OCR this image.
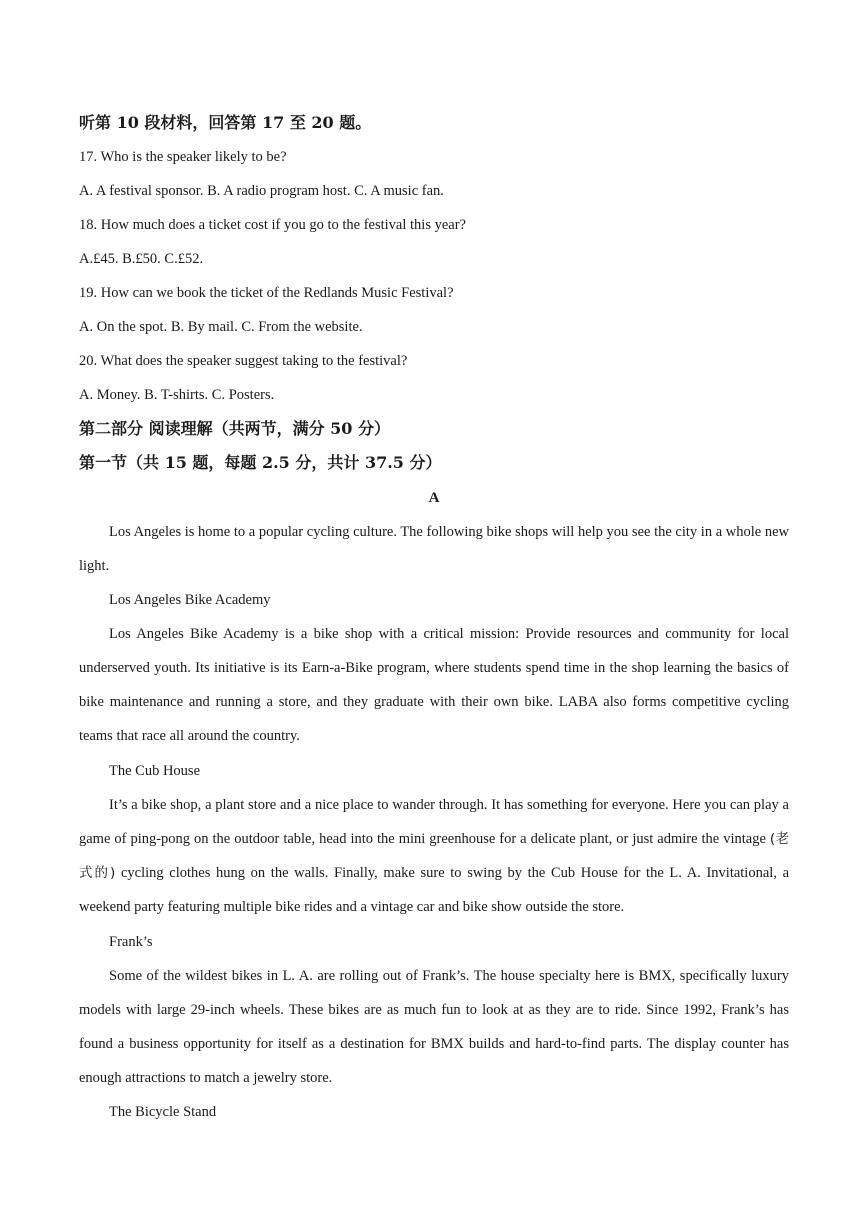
听第 10 段材料，回答第 17 至 20 题。
17. Who is the speaker likely to be?
A. A festival sponsor. B. A radio program host. C. A music fan.
18. How much does a ticket cost if you go to the festival this year?
A.£45. B.£50. C.£52.
19. How can we book the ticket of the Redlands Music Festival?
A. On the spot. B. By mail. C. From the website.
20. What does the speaker suggest taking to the festival?
A. Money. B. T-shirts. C. Posters.
第二部分 阅读理解（共两节，满分 50 分）
第一节（共 15 题，每题 2.5 分，共计 37.5 分）
A
Los Angeles is home to a popular cycling culture. The following bike shops will help you see the city in a whole new light.
Los Angeles Bike Academy
Los Angeles Bike Academy is a bike shop with a critical mission: Provide resources and community for local underserved youth. Its initiative is its Earn-a-Bike program, where students spend time in the shop learning the basics of bike maintenance and running a store, and they graduate with their own bike. LABA also forms competitive cycling teams that race all around the country.
The Cub House
It’s a bike shop, a plant store and a nice place to wander through. It has something for everyone. Here you can play a game of ping-pong on the outdoor table, head into the mini greenhouse for a delicate plant, or just admire the vintage (老式的) cycling clothes hung on the walls. Finally, make sure to swing by the Cub House for the L. A. Invitational, a weekend party featuring multiple bike rides and a vintage car and bike show outside the store.
Frank’s
Some of the wildest bikes in L. A. are rolling out of Frank’s. The house specialty here is BMX, specifically luxury models with large 29-inch wheels. These bikes are as much fun to look at as they are to ride. Since 1992, Frank’s has found a business opportunity for itself as a destination for BMX builds and hard-to-find parts. The display counter has enough attractions to match a jewelry store.
The Bicycle Stand
